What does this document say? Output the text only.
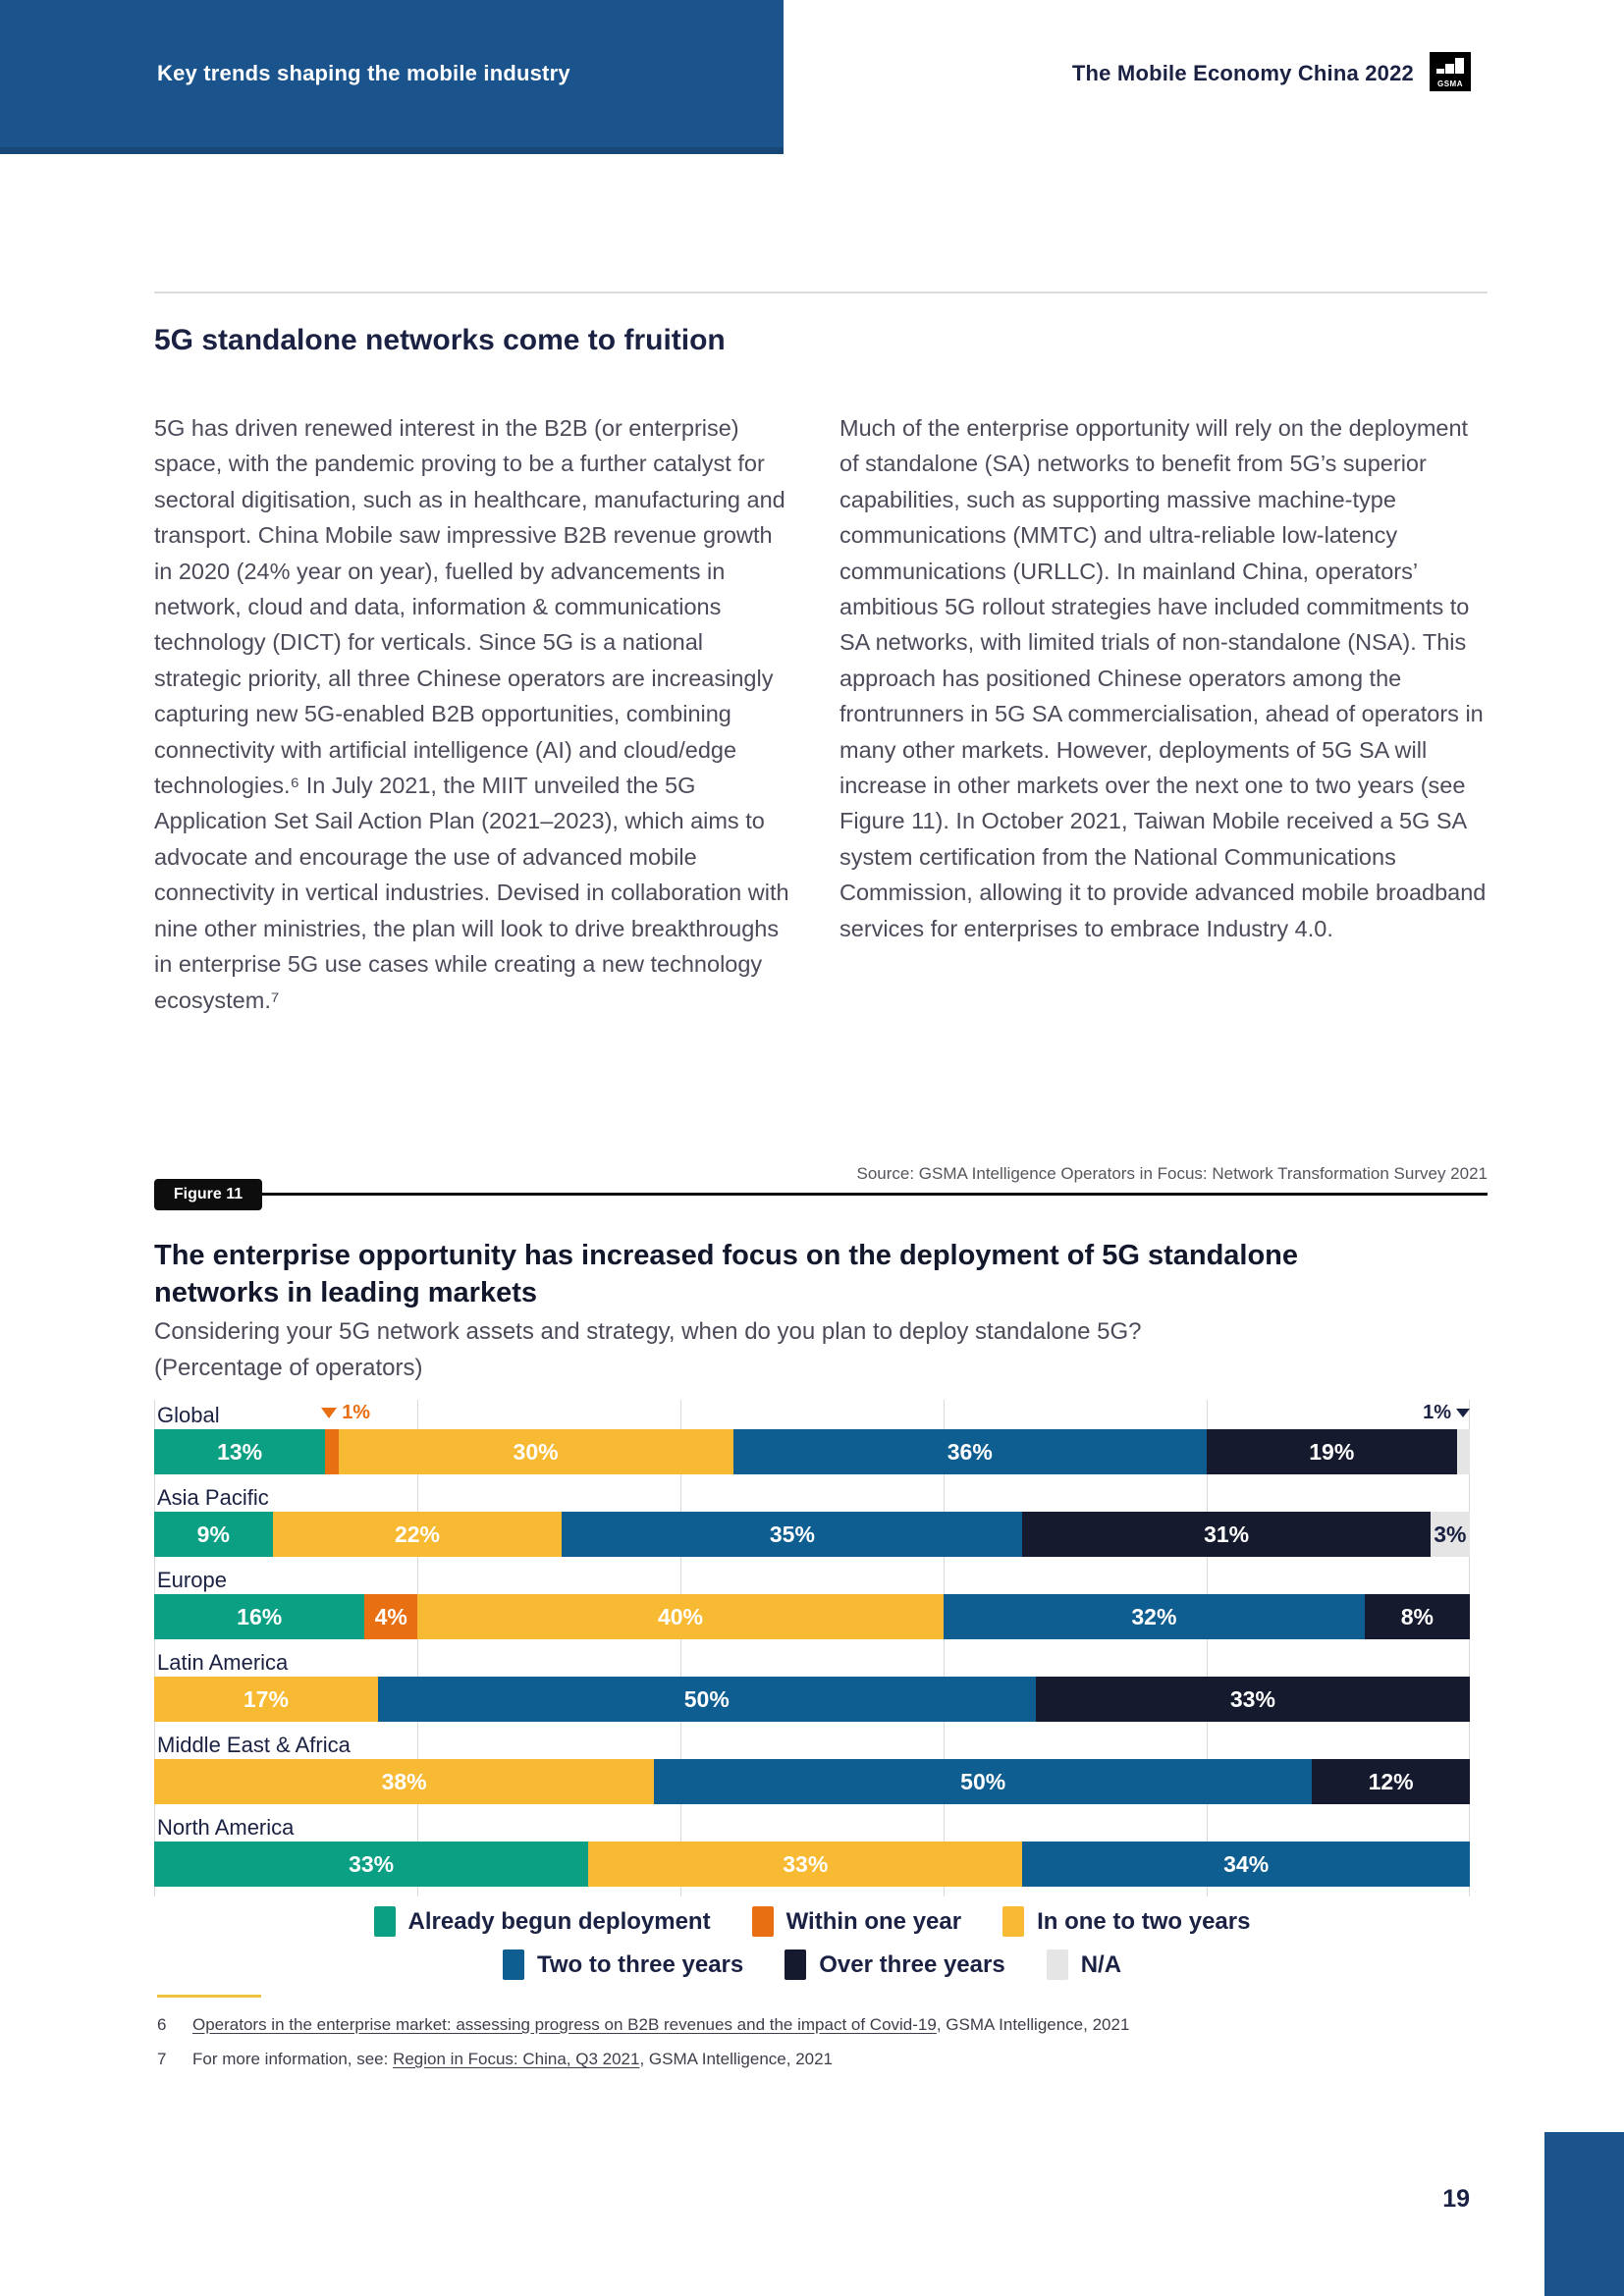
Key trends shaping the mobile industry	The Mobile Economy China 2022	GSMA
5G standalone networks come to fruition

5G has driven renewed interest in the B2B (or enterprise) space, with the pandemic proving to be a further catalyst for sectoral digitisation, such as in healthcare, manufacturing and transport. China Mobile saw impressive B2B revenue growth in 2020 (24% year on year), fuelled by advancements in network, cloud and data, information & communications technology (DICT) for verticals. Since 5G is a national strategic priority, all three Chinese operators are increasingly capturing new 5G-enabled B2B opportunities, combining connectivity with artificial intelligence (AI) and cloud/edge technologies.⁶ In July 2021, the MIIT unveiled the 5G Application Set Sail Action Plan (2021–2023), which aims to advocate and encourage the use of advanced mobile connectivity in vertical industries. Devised in collaboration with nine other ministries, the plan will look to drive breakthroughs in enterprise 5G use cases while creating a new technology ecosystem.⁷

Much of the enterprise opportunity will rely on the deployment of standalone (SA) networks to benefit from 5G’s superior capabilities, such as supporting massive machine-type communications (MMTC) and ultra-reliable low-latency communications (URLLC). In mainland China, operators’ ambitious 5G rollout strategies have included commitments to SA networks, with limited trials of non-standalone (NSA). This approach has positioned Chinese operators among the frontrunners in 5G SA commercialisation, ahead of operators in many other markets. However, deployments of 5G SA will increase in other markets over the next one to two years (see Figure 11). In October 2021, Taiwan Mobile received a 5G SA system certification from the National Communications Commission, allowing it to provide advanced mobile broadband services for enterprises to embrace Industry 4.0.

Source: GSMA Intelligence Operators in Focus: Network Transformation Survey 2021
Figure 11
The enterprise opportunity has increased focus on the deployment of 5G standalone networks in leading markets
Considering your 5G network assets and strategy, when do you plan to deploy standalone 5G?
(Percentage of operators)
Global
13%	30%	36%	19%
1%	1%
Asia Pacific
9%	22%	35%	31%	3%
Europe
16%	4%	40%	32%	8%
Latin America
17%	50%	33%
Middle East & Africa
38%	50%	12%
North America
33%	33%	34%
Already begun deployment	Within one year	In one to two years
Two to three years	Over three years	N/A
6 Operators in the enterprise market: assessing progress on B2B revenues and the impact of Covid-19, GSMA Intelligence, 2021
7 For more information, see: Region in Focus: China, Q3 2021, GSMA Intelligence, 2021
19
